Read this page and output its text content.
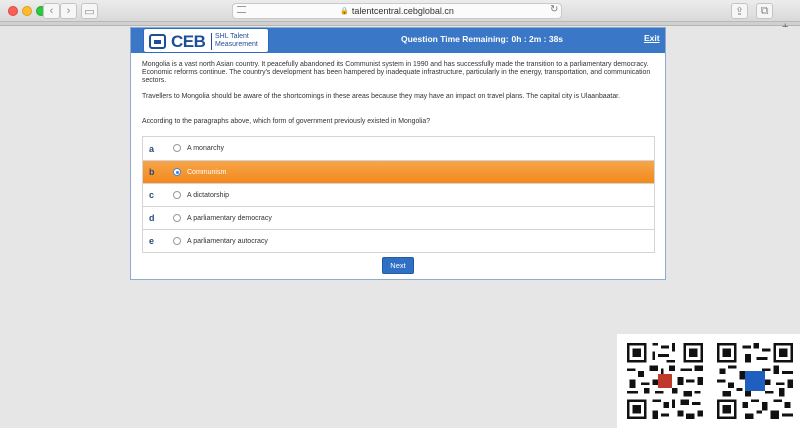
‹ › ▭	🔒 talentcentral.cebglobal.cn	↻	⇪ ⧉
CEB SHL Talent Measurement
Question Time Remaining: 0h : 2m : 38s	Exit

Mongolia is a vast north Asian country. It peacefully abandoned its Communist system in 1990 and has successfully made the transition to a parliamentary democracy. Economic reforms continue. The country's development has been hampered by inadequate infrastructure, particularly in the energy, transportation, and communication sectors.

Travellers to Mongolia should be aware of the shortcomings in these areas because they may have an impact on travel plans. The capital city is Ulaanbaatar.

According to the paragraphs above, which form of government previously existed in Mongolia?
a	A monarchy
b	Communism
c	A dictatorship
d	A parliamentary democracy
e	A parliamentary autocracy
Next
